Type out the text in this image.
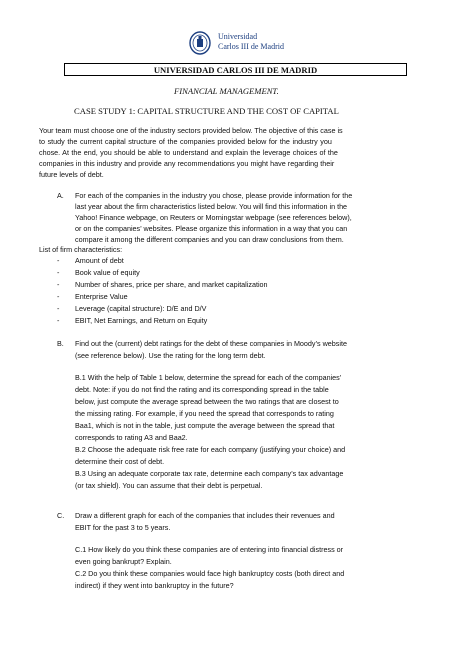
Universidad
Carlos III de Madrid
UNIVERSIDAD CARLOS III DE MADRID
FINANCIAL MANAGEMENT.
CASE STUDY 1: CAPITAL STRUCTURE AND THE COST OF CAPITAL
Your team must choose one of the industry sectors provided below. The objective of this case is
to study the current capital structure of the companies provided below for the industry you
chose. At the end, you should be able to understand and explain the leverage choices of the
companies in this industry and provide any recommendations you might have regarding their
future levels of debt.
A. For each of the companies in the industry you chose, please provide information for the
last year about the firm characteristics listed below. You will find this information in the
Yahoo! Finance webpage, on Reuters or Morningstar webpage (see references below),
or on the companies’ websites. Please organize this information in a way that you can
compare it among the different companies and you can draw conclusions from them.
List of firm characteristics:
- Amount of debt
- Book value of equity
- Number of shares, price per share, and market capitalization
- Enterprise Value
- Leverage (capital structure): D/E and D/V
- EBIT, Net Earnings, and Return on Equity
B. Find out the (current) debt ratings for the debt of these companies in Moody’s website
(see reference below). Use the rating for the long term debt.
B.1 With the help of Table 1 below, determine the spread for each of the companies’
debt. Note: if you do not find the rating and its corresponding spread in the table
below, just compute the average spread between the two ratings that are closest to
the missing rating. For example, if you need the spread that corresponds to rating
Baa1, which is not in the table, just compute the average between the spread that
corresponds to rating A3 and Baa2.
B.2 Choose the adequate risk free rate for each company (justifying your choice) and
determine their cost of debt.
B.3 Using an adequate corporate tax rate, determine each company’s tax advantage
(or tax shield). You can assume that their debt is perpetual.
C. Draw a different graph for each of the companies that includes their revenues and
EBIT for the past 3 to 5 years.
C.1 How likely do you think these companies are of entering into financial distress or
even going bankrupt? Explain.
C.2 Do you think these companies would face high bankruptcy costs (both direct and
indirect) if they went into bankruptcy in the future?
